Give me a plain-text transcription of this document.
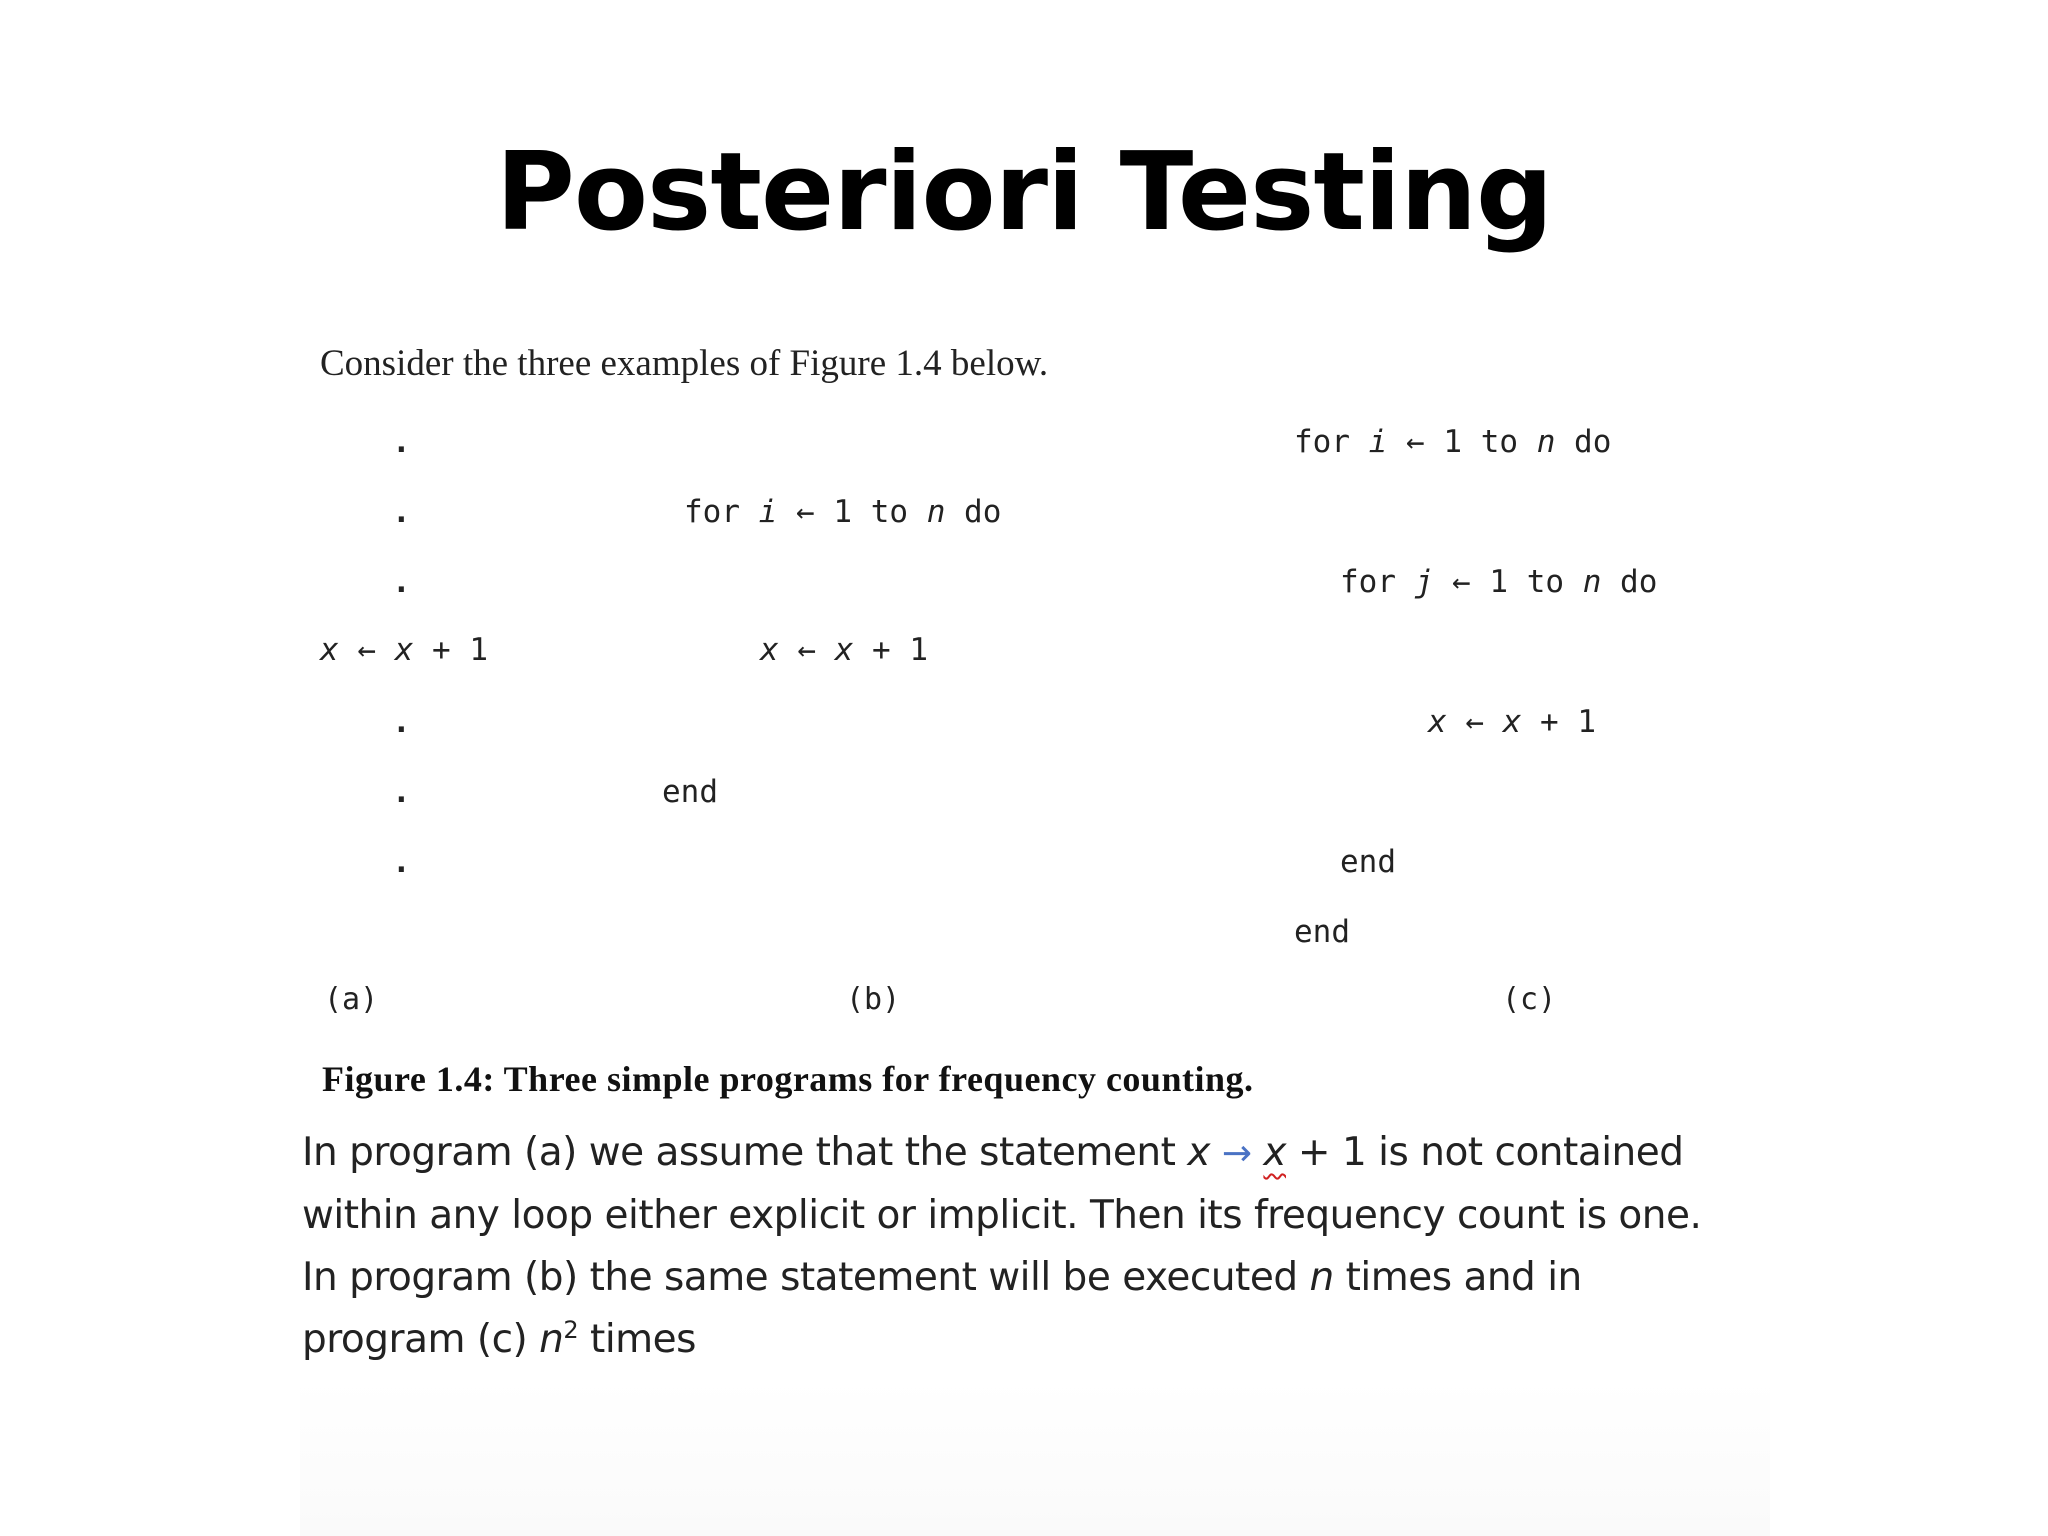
Posteriori Testing
Consider the three examples of Figure 1.4 below.
.
.
.
x ← x + 1
.
.
.
for i ← 1 to n do
x ← x + 1
end
for i ← 1 to n do
for j ← 1 to n do
x ← x + 1
end
end
(a)	(b)	(c)
Figure 1.4: Three simple programs for frequency counting.
In program (a) we assume that the statement x → x + 1 is not contained
within any loop either explicit or implicit. Then its frequency count is one.
In program (b) the same statement will be executed n times and in
program (c) $n^2$ times
